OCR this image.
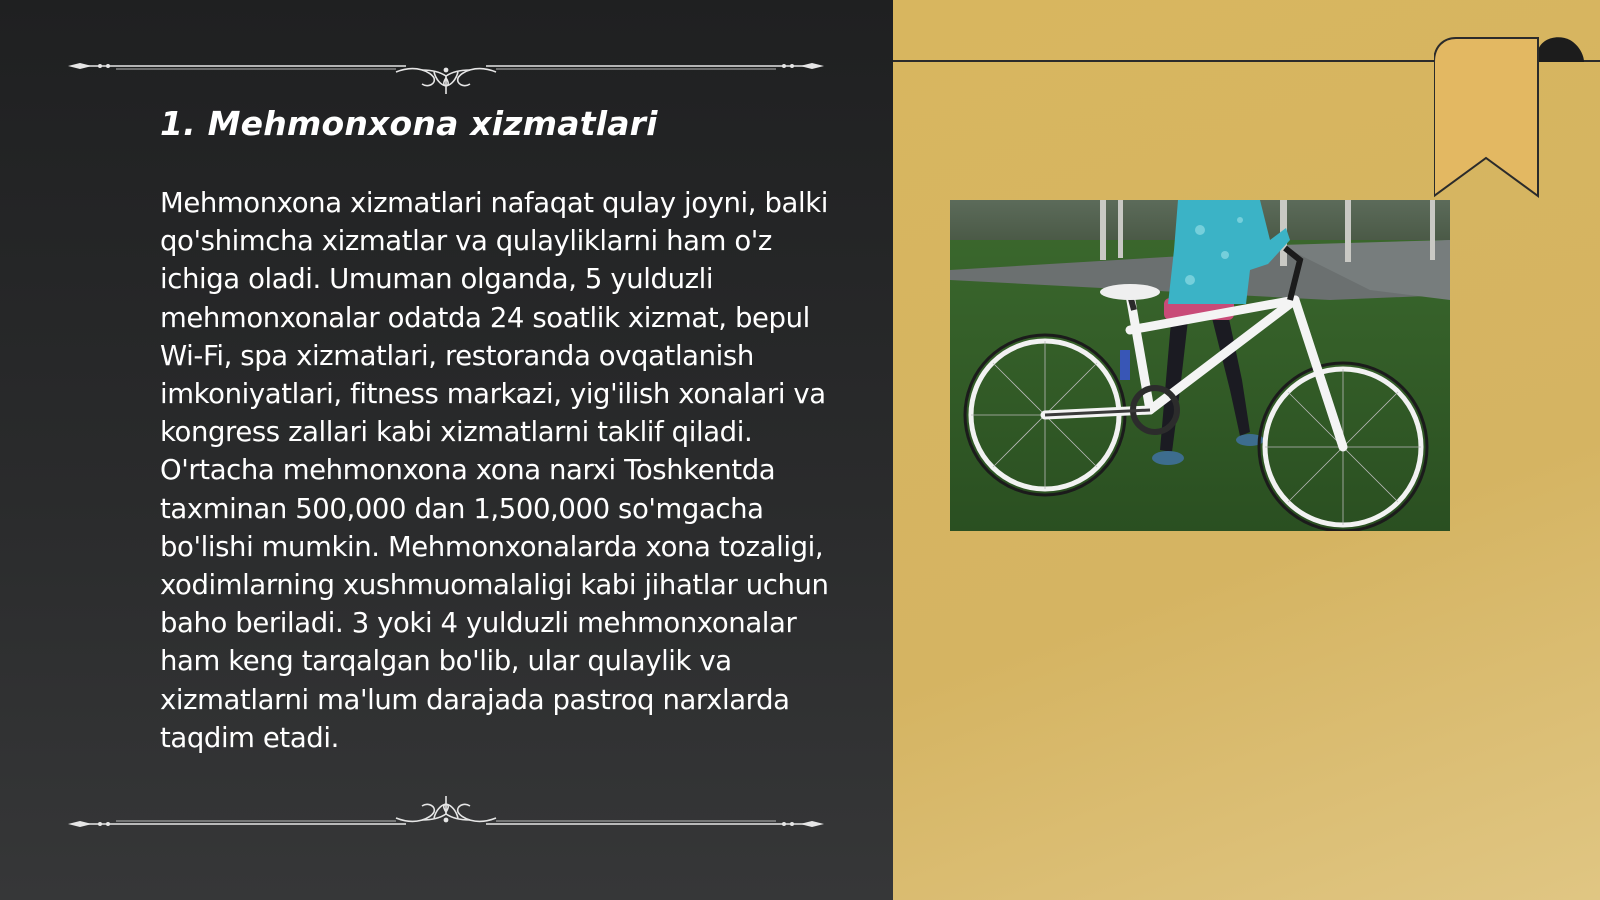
1. Mehmonxona xizmatlari

Mehmonxona xizmatlari nafaqat qulay joyni, balki qo'shimcha xizmatlar va qulayliklarni ham o'z ichiga oladi. Umuman olganda, 5 yulduzli mehmonxonalar odatda 24 soatlik xizmat, bepul Wi-Fi, spa xizmatlari, restoranda ovqatlanish imkoniyatlari, fitness markazi, yig'ilish xonalari va kongress zallari kabi xizmatlarni taklif qiladi. O'rtacha mehmonxona xona narxi Toshkentda taxminan 500,000 dan 1,500,000 so'mgacha bo'lishi mumkin. Mehmonxonalarda xona tozaligi, xodimlarning xushmuomalaligi kabi jihatlar uchun baho beriladi. 3 yoki 4 yulduzli mehmonxonalar ham keng tarqalgan bo'lib, ular qulaylik va xizmatlarni ma'lum darajada pastroq narxlarda taqdim etadi.
